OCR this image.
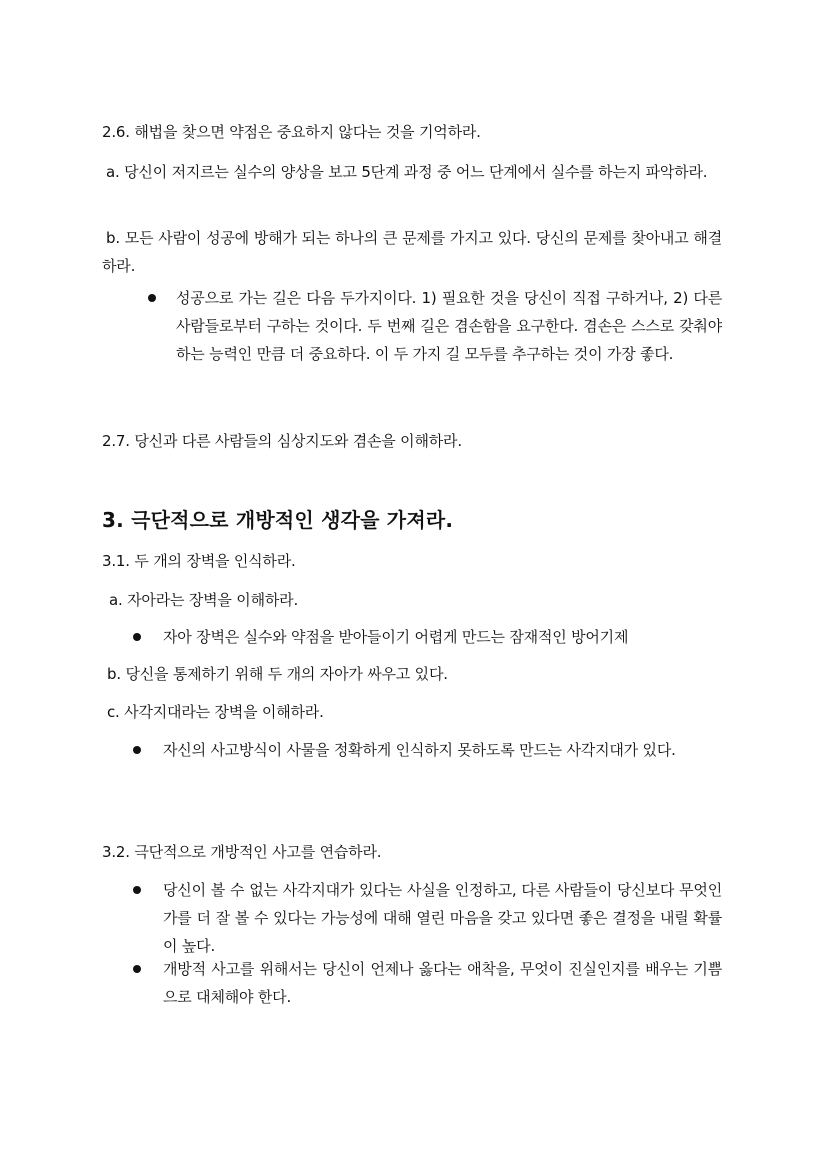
2.6. 해법을 찾으면 약점은 중요하지 않다는 것을 기억하라.
a. 당신이 저지르는 실수의 양상을 보고 5단계 과정 중 어느 단계에서 실수를 하는지 파악하라.
b. 모든 사람이 성공에 방해가 되는 하나의 큰 문제를 가지고 있다. 당신의 문제를 찾아내고 해결하라.
성공으로 가는 길은 다음 두가지이다. 1) 필요한 것을 당신이 직접 구하거나, 2) 다른 사람들로부터 구하는 것이다. 두 번째 길은 겸손함을 요구한다. 겸손은 스스로 갖춰야 하는 능력인 만큼 더 중요하다. 이 두 가지 길 모두를 추구하는 것이 가장 좋다.
2.7. 당신과 다른 사람들의 심상지도와 겸손을 이해하라.
3. 극단적으로 개방적인 생각을 가져라.
3.1. 두 개의 장벽을 인식하라.
a. 자아라는 장벽을 이해하라.
자아 장벽은 실수와 약점을 받아들이기 어렵게 만드는 잠재적인 방어기제
b. 당신을 통제하기 위해 두 개의 자아가 싸우고 있다.
c. 사각지대라는 장벽을 이해하라.
자신의 사고방식이 사물을 정확하게 인식하지 못하도록 만드는 사각지대가 있다.
3.2. 극단적으로 개방적인 사고를 연습하라.
당신이 볼 수 없는 사각지대가 있다는 사실을 인정하고, 다른 사람들이 당신보다 무엇인가를 더 잘 볼 수 있다는 가능성에 대해 열린 마음을 갖고 있다면 좋은 결정을 내릴 확률이 높다.
개방적 사고를 위해서는 당신이 언제나 옳다는 애착을, 무엇이 진실인지를 배우는 기쁨으로 대체해야 한다.
